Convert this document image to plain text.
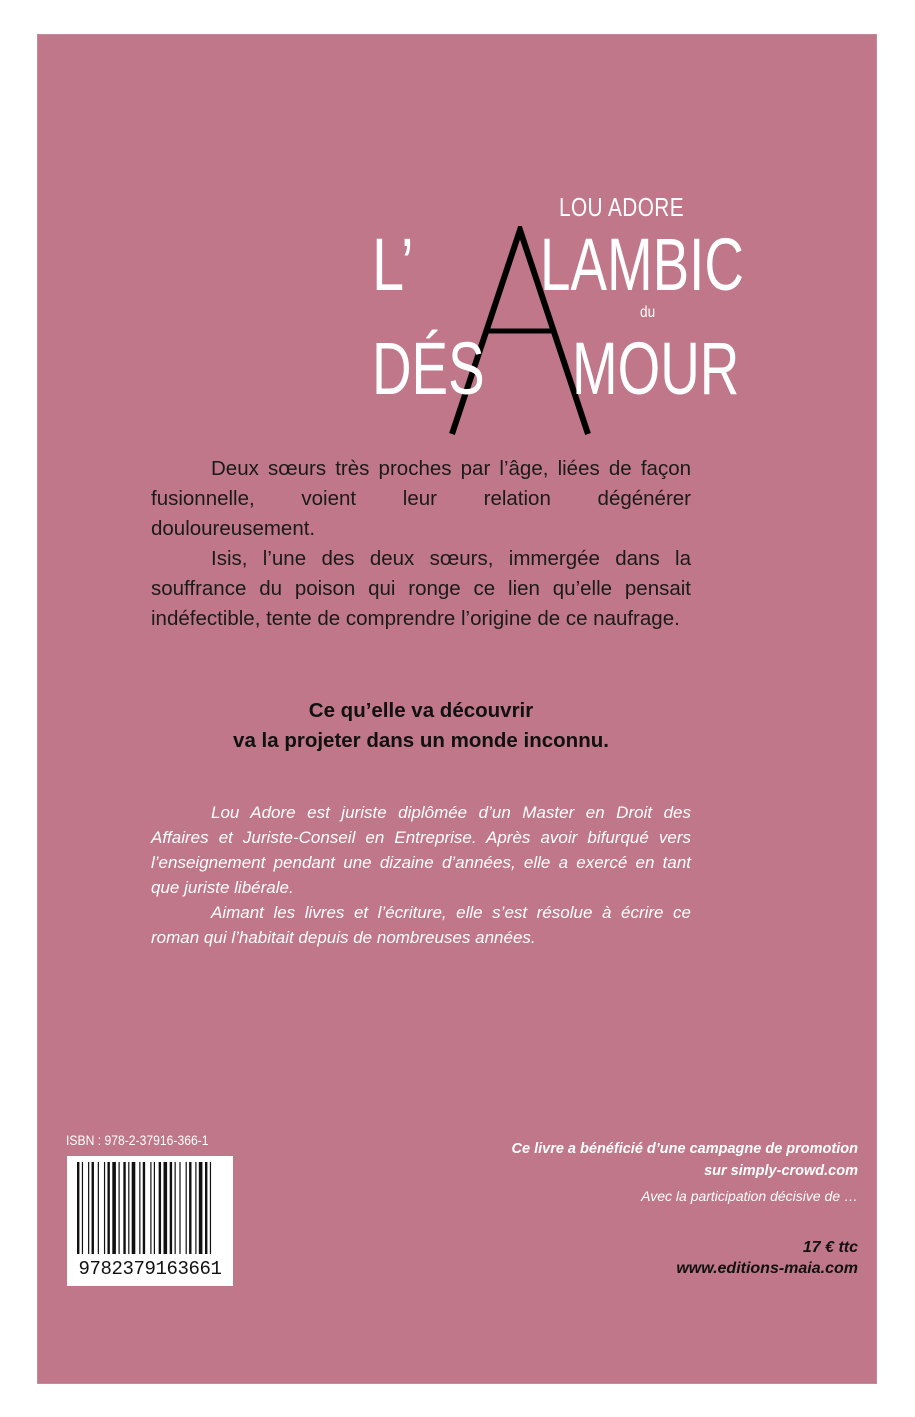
LOU ADORE
L’ LAMBIC
du
DÉS MOUR

Deux sœurs très proches par l’âge, liées de façon fusionnelle, voient leur relation dégénérer douloureusement.

Isis, l’une des deux sœurs, immergée dans la souffrance du poison qui ronge ce lien qu’elle pensait indéfectible, tente de comprendre l’origine de ce naufrage.

Ce qu’elle va découvrir
va la projeter dans un monde inconnu.

Lou Adore est juriste diplômée d’un Master en Droit des Affaires et Juriste-Conseil en Entreprise. Après avoir bifurqué vers l’enseignement pendant une dizaine d’années, elle a exercé en tant que juriste libérale.

Aimant les livres et l’écriture, elle s’est résolue à écrire ce roman qui l’habitait depuis de nombreuses années.

ISBN : 978-2-37916-366-1
9782379163661
Ce livre a bénéficié d’une campagne de promotion
sur simply-crowd.com
Avec la participation décisive de …
17 € ttc
www.editions-maia.com
